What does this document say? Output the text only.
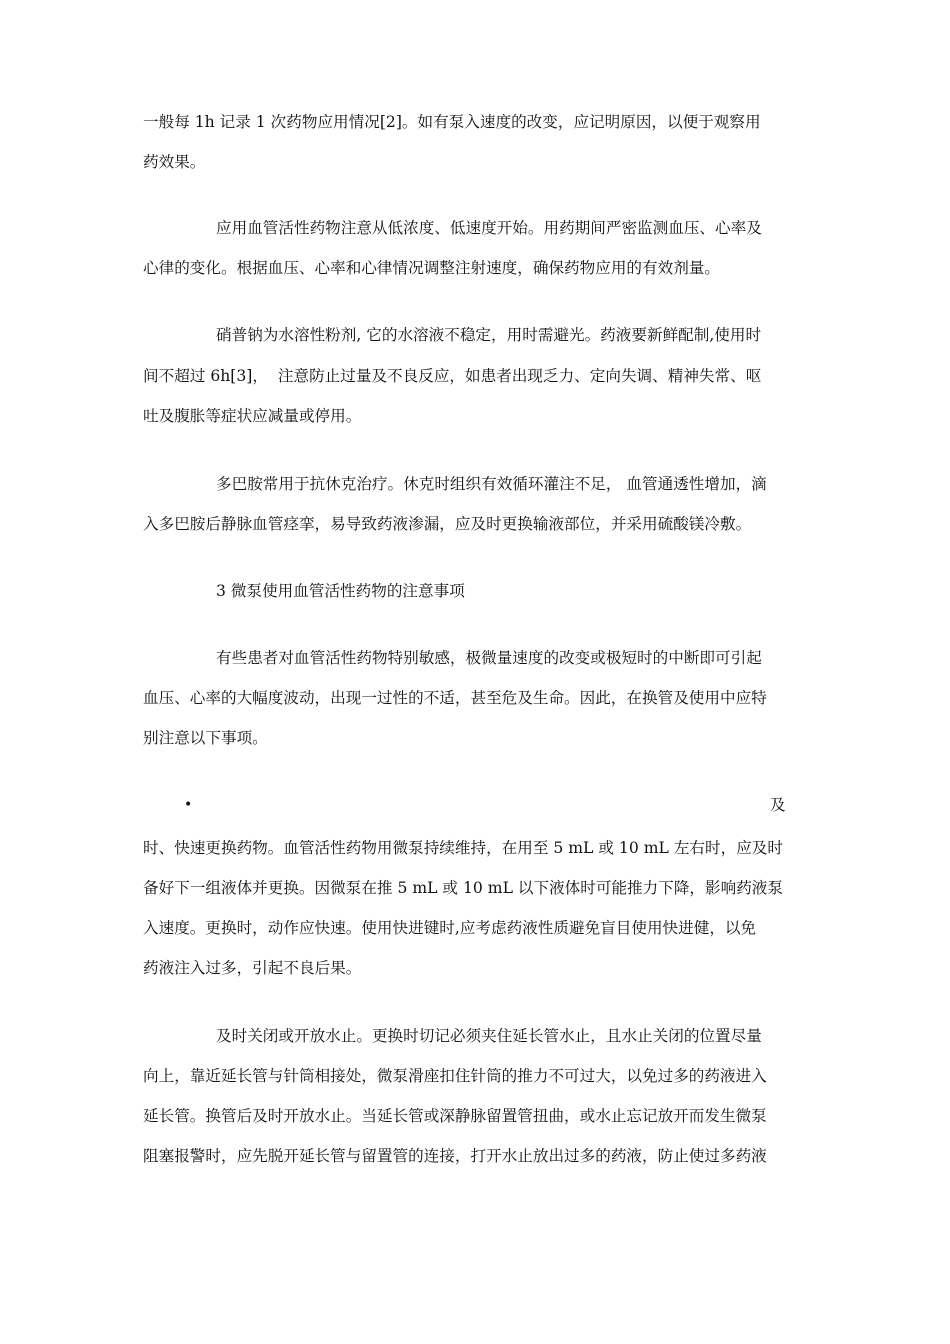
一般每 1h 记录 1 次药物应用情况[2]。如有泵入速度的改变，应记明原因，以便于观察用
药效果。
应用血管活性药物注意从低浓度、低速度开始。用药期间严密监测血压、心率及
心律的变化。根据血压、心率和心律情况调整注射速度，确保药物应用的有效剂量。
硝普钠为水溶性粉剂, 它的水溶液不稳定，用时需避光。药液要新鲜配制,使用时
间不超过 6h[3]，  注意防止过量及不良反应，如患者出现乏力、定向失调、精神失常、呕
吐及腹胀等症状应减量或停用。
多巴胺常用于抗休克治疗。休克时组织有效循环灌注不足， 血管通透性增加，滴
入多巴胺后静脉血管痉挛，易导致药液渗漏，应及时更换输液部位，并采用硫酸镁冷敷。
3 微泵使用血管活性药物的注意事项
有些患者对血管活性药物特别敏感，极微量速度的改变或极短时的中断即可引起
血压、心率的大幅度波动，出现一过性的不适，甚至危及生命。因此，在换管及使用中应特
别注意以下事项。
•	及
时、快速更换药物。血管活性药物用微泵持续维持，在用至 5 mL 或 10 mL 左右时，应及时
备好下一组液体并更换。因微泵在推 5 mL 或 10 mL 以下液体时可能推力下降，影响药液泵
入速度。更换时，动作应快速。使用快进键时,应考虑药液性质避免盲目使用快进健，以免
药液注入过多，引起不良后果。
及时关闭或开放水止。更换时切记必须夹住延长管水止，且水止关闭的位置尽量
向上，靠近延长管与针筒相接处，微泵滑座扣住针筒的推力不可过大，以免过多的药液进入
延长管。换管后及时开放水止。当延长管或深静脉留置管扭曲，或水止忘记放开而发生微泵
阻塞报警时，应先脱开延长管与留置管的连接，打开水止放出过多的药液，防止使过多药液
